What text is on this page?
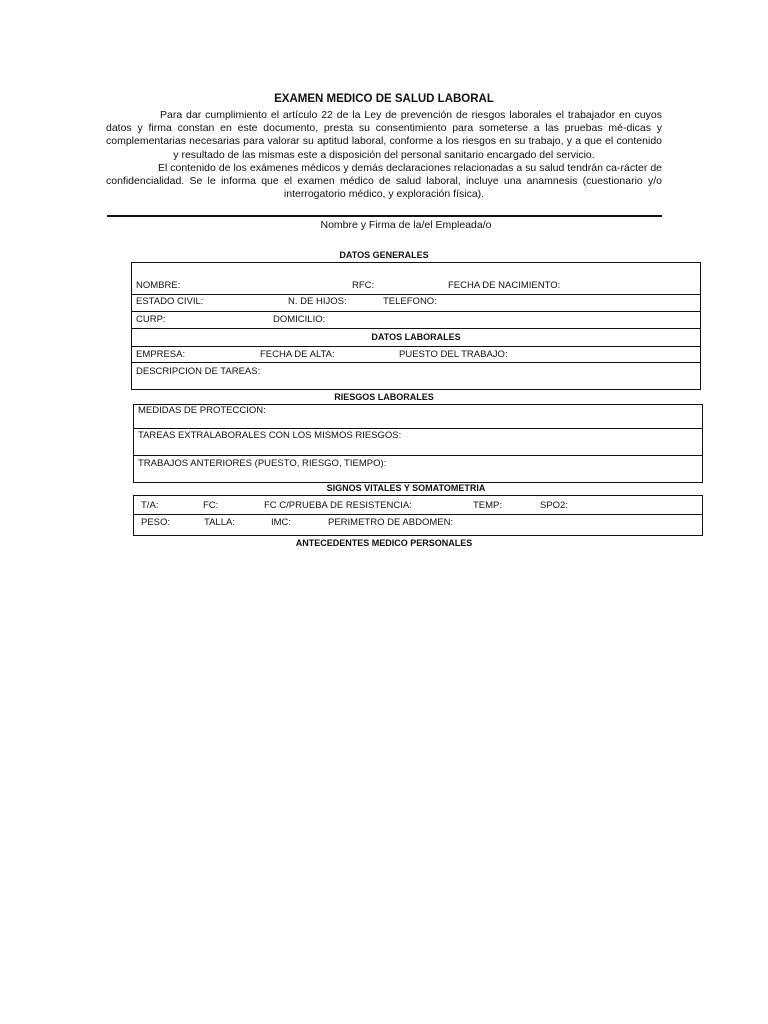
EXAMEN MEDICO DE SALUD LABORAL

Para dar cumplimiento el artículo 22 de la Ley de prevención de riesgos laborales el trabajador en cuyos datos y firma constan en este documento, presta su consentimiento para someterse a las pruebas mé-dicas y complementarias necesarias para valorar su aptitud laboral, conforme a los riesgos en su trabajo, y a que el contenido y resultado de las mismas este a disposición del personal sanitario encargado del servicio.

El contenido de los exámenes médicos y demás declaraciones relacionadas a su salud tendrán ca-rácter de confidencialidad. Se le informa que el examen médico de salud laboral, incluye una anamnesis (cuestionario y/o interrogatorio médico, y exploración física).

Nombre y Firma de la/el Empleada/o
DATOS GENERALES
NOMBRE:	RFC:	FECHA DE NACIMIENTO:
ESTADO CIVIL:	N. DE HIJOS:	TELEFONO:
CURP:	DOMICILIO:
DATOS LABORALES
EMPRESA:	FECHA DE ALTA:	PUESTO DEL TRABAJO:
DESCRIPCION DE TAREAS:
RIESGOS LABORALES
MEDIDAS DE PROTECCION:
TAREAS EXTRALABORALES CON LOS MISMOS RIESGOS:
TRABAJOS ANTERIORES (PUESTO, RIESGO, TIEMPO):
SIGNOS VITALES Y SOMATOMETRIA
T/A:	FC:	FC C/PRUEBA DE RESISTENCIA:	TEMP:	SPO2:
PESO:	TALLA:	IMC:	PERIMETRO DE ABDOMEN:
ANTECEDENTES MEDICO PERSONALES
